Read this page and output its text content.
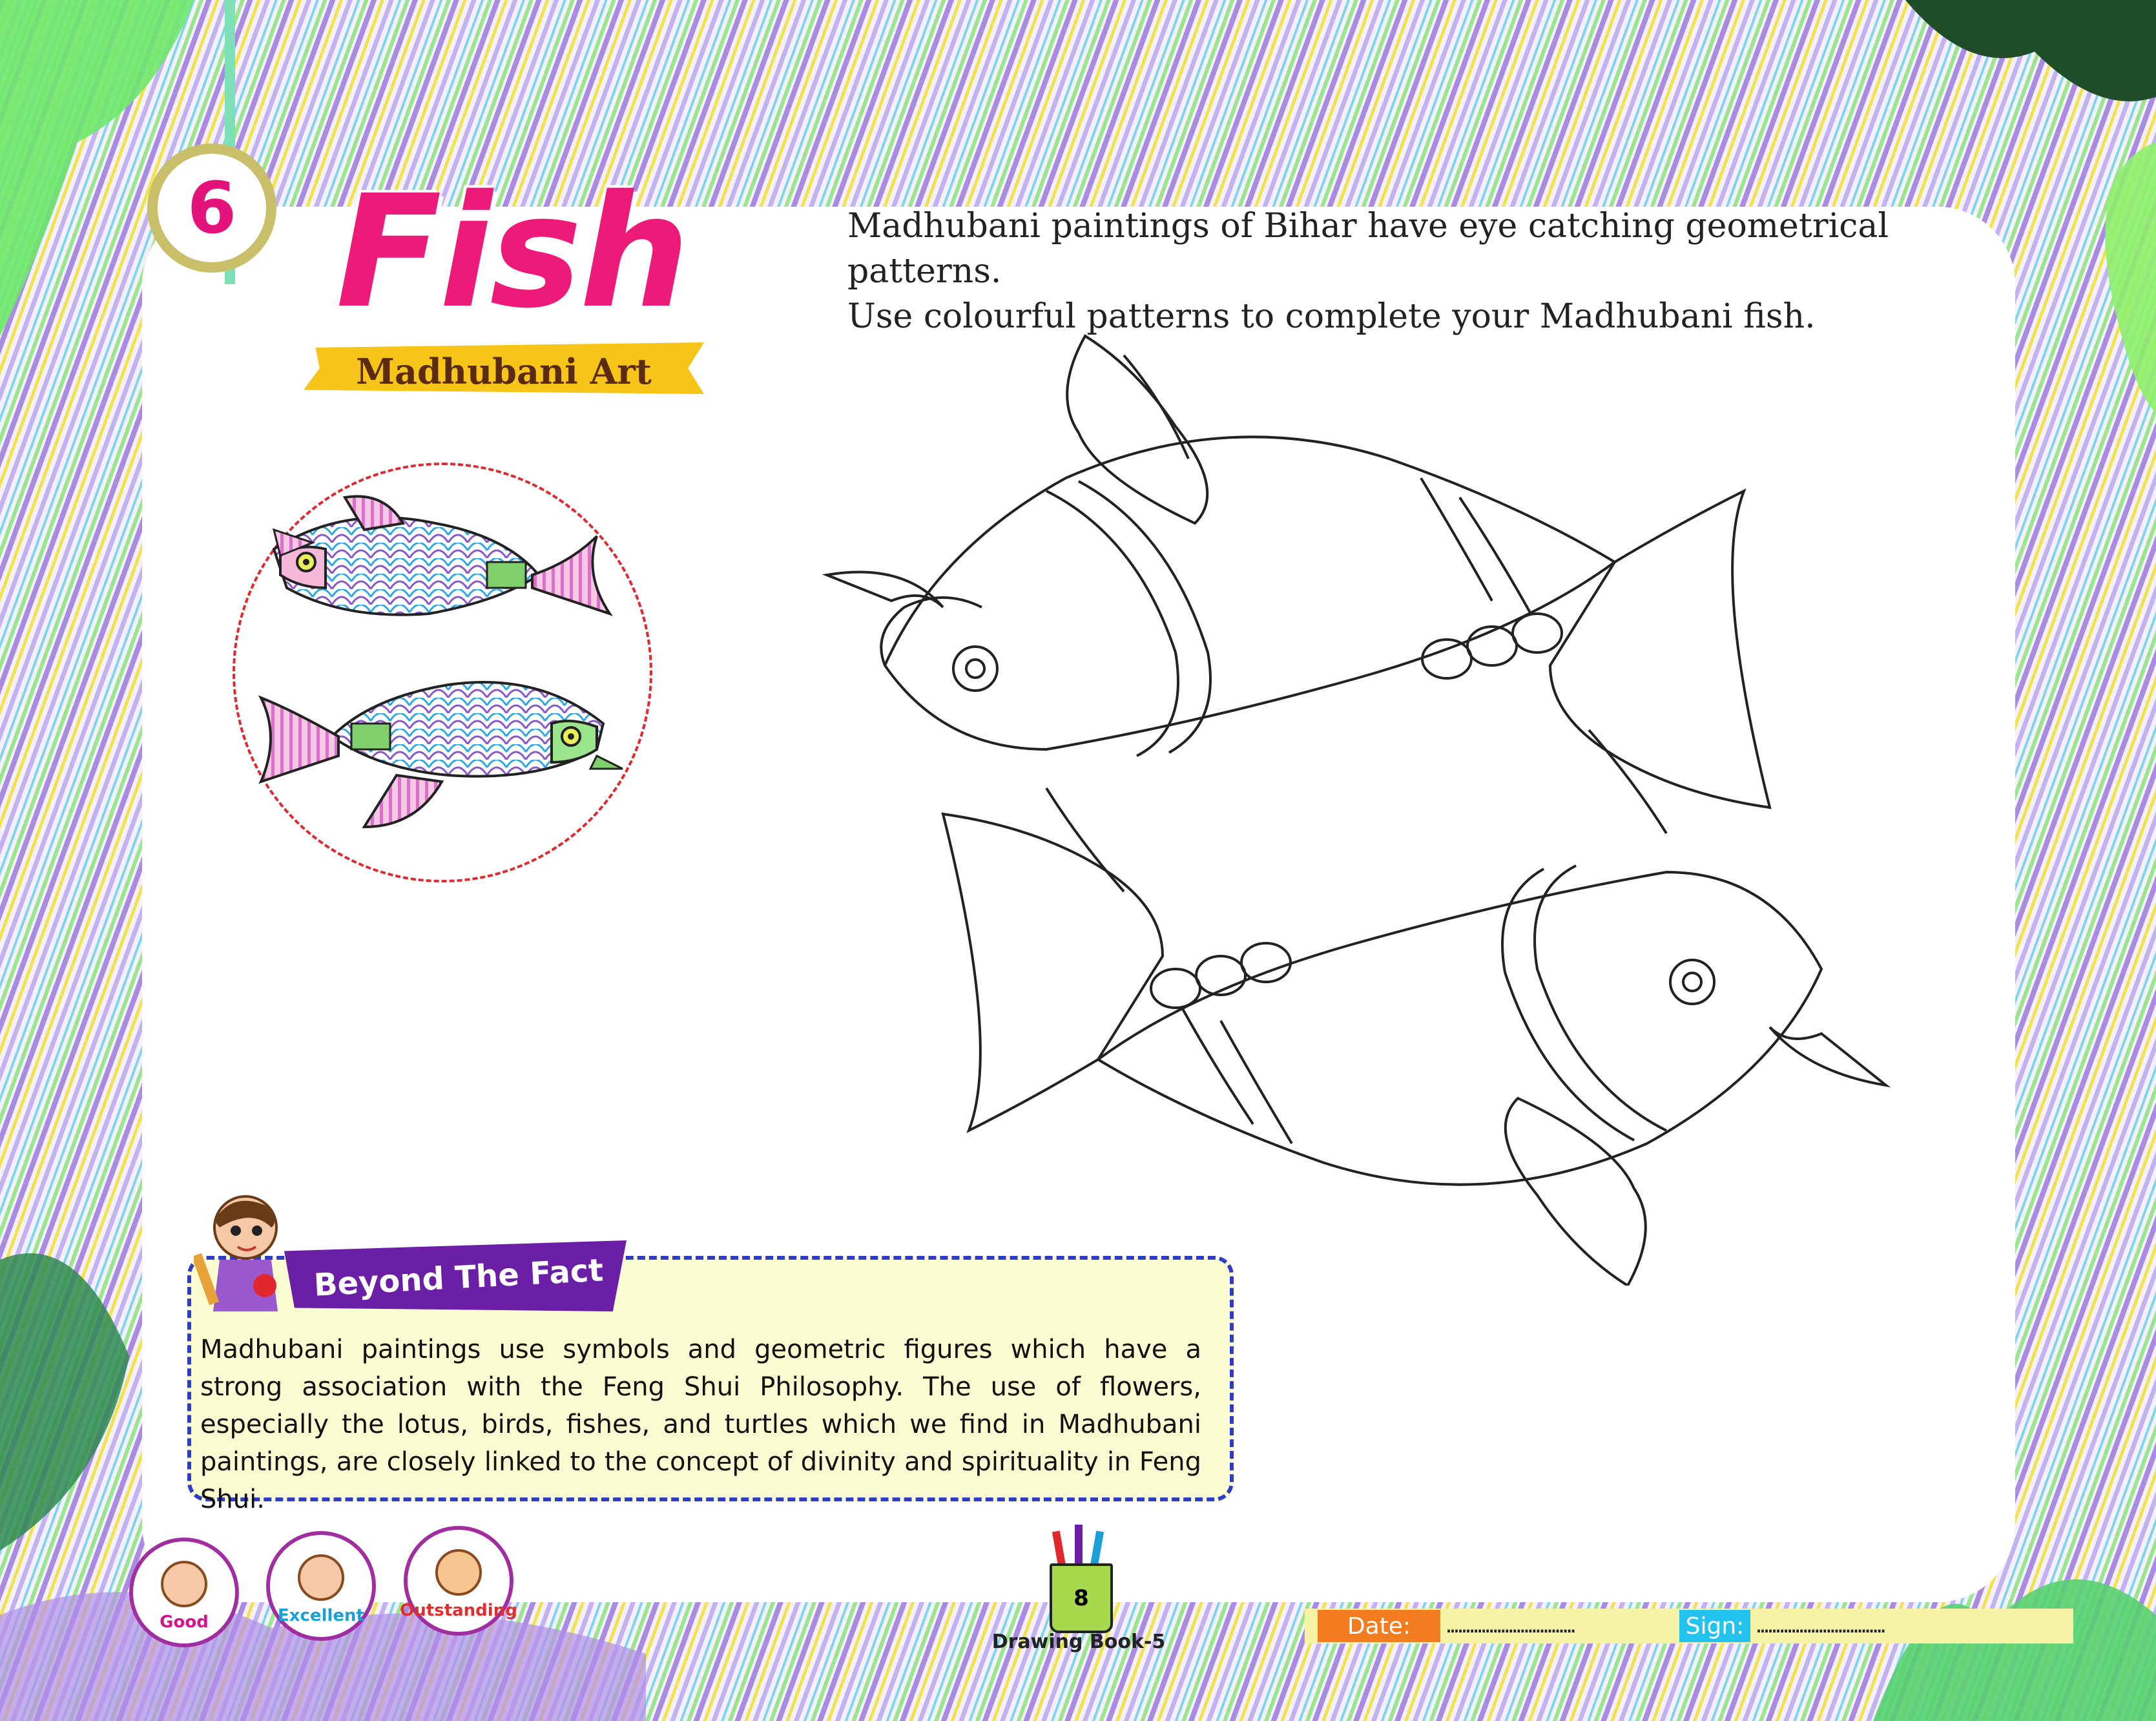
6 Fish
Madhubani Art
Madhubani paintings of Bihar have eye catching geometrical patterns.
Use colourful patterns to complete your Madhubani fish.
Beyond The Fact
Madhubani paintings use symbols and geometric figures which have a strong association with the Feng Shui Philosophy. The use of flowers, especially the lotus, birds, fishes, and turtles which we find in Madhubani paintings, are closely linked to the concept of divinity and spirituality in Feng Shui.
Good	Excellent Outstanding	8
Drawing Book-5
Date:	……………………………	Sign: ……………………………
